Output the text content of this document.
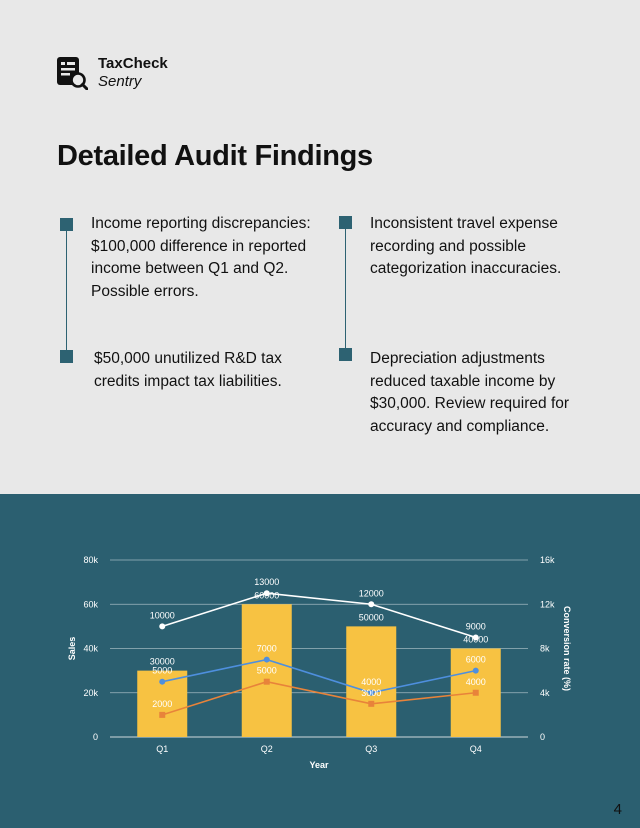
TaxCheck
Sentry
Detailed Audit Findings
Income reporting discrepancies: $100,000 difference in reported income between Q1 and Q2. Possible errors.
Inconsistent travel expense recording and possible categorization inaccuracies.
$50,000 unutilized R&D tax credits impact tax liabilities.
Depreciation adjustments reduced taxable income by $30,000. Review required for accuracy and compliance.
0	0
20k	4k
40k	8k
60k	12k
80k	16k
30000
60000
50000
40000
10000
13000
12000
9000
5000
7000
4000
6000
2000
5000
3000
4000
Q1	Q2	Q3	Q4
Year
Sales	Conversion rate (%)
4
